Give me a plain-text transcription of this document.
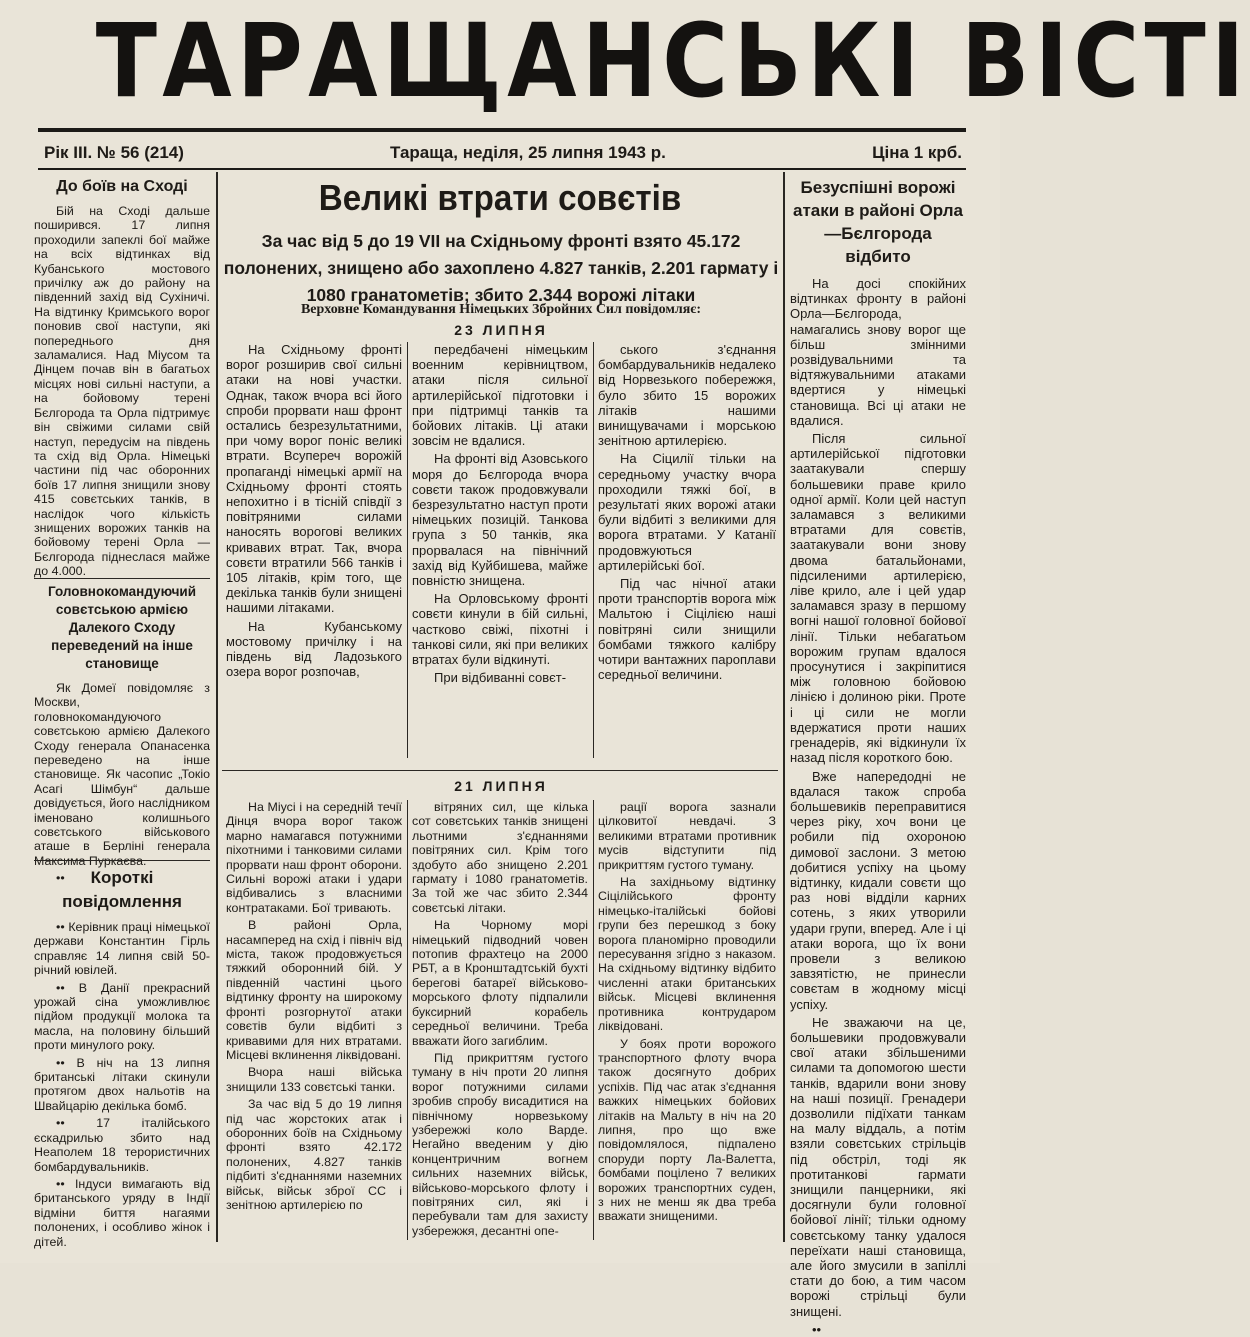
ТАРАЩАНСЬКІ ВІСТІ
Рік III. № 56 (214)	Тараща, неділя, 25 липня 1943 р.	Ціна 1 крб.
До боїв на Сході

Бій на Сході дальше поширився. 17 липня проходили запеклі бої майже на всіх відтинках від Кубанського мостового причілку аж до району на південний захід від Сухіничі. На відтинку Кримського ворог поновив свої наступи, які попереднього дня заламалися. Над Міусом та Дінцем почав він в багатьох місцях нові сильні наступи, а на бойовому терені Бєлгорода та Орла підтримує він свіжими силами свій наступ, передусім на південь та схід від Орла. Німецькі частини під час оборонних боїв 17 липня знищили знову 415 совєтських танків, в наслідок чого кількість знищених ворожих танків на бойовому терені Орла — Бєлгорода піднеслася майже до 4.000.

Головнокомандуючий совєтською армією Далекого Сходу переведений на інше становище

Як Домеї повідомляє з Москви, головнокомандуючого совєтською армією Далекого Сходу генерала Опанасенка переведено на інше становище. Як часопис „Токіо Асагі Шімбун“ дальше довідується, його наслідником іменовано колишнього совєтського військового аташе в Берліні генерала

••	Короткі повідомлення

•• Керівник праці німецької держави Константин Гірль справляє 14 липня свій 50-річний ювілей.

•• В Данії прекрасний урожай сіна уможливлює підйом продукції молока та масла, на половину більший проти минулого року.

•• В ніч на 13 липня британські літаки скинули протягом двох нальотів на Швайцарію декілька бомб.

•• 17 італійського єскадрилью збито над Неаполем 18 терористичних бомбардувальників.

•• Індуси вимагають від британського уряду в Індії відміни биття нагаями полонених, і особливо жінок і дітей.

Великі втрати совєтів
За час від 5 до 19 VII на Східньому фронті взято 45.172 полонених, знищено або захоплено 4.827 танків, 2.201 гармату і 1080 гранатометів; збито 2.344 ворожі літаки
Верховне Командування Німецьких Збройних Сил повідомляє:
23 ЛИПНЯ

На Східньому фронті ворог розширив свої сильні атаки на нові участки. Однак, також вчора всі його спроби прорвати наш фронт остались безрезультатними, при чому ворог поніс великі втрати. Всупереч ворожій пропаганді німецькі армії на Східньому фронті стоять непохитно і в тісній співдії з повітряними силами наносять ворогові великих кривавих втрат. Так, вчора совєти втратили 566 танків і 105 літаків, крім того, ще декілька танків були знищені нашими літаками.

На Кубанському мостовому причілку і на південь від Ладозького озера ворог розпочав,

передбачені німецьким военним керівництвом, атаки після сильної артилерійської підготовки і при підтримці танків та бойових літаків. Ці атаки зовсім не вдалися.

На фронті від Азовського моря до Бєлгорода вчора совєти також продовжували безрезультатно наступ проти німецьких позицій. Танкова група з 50 танків, яка прорвалася на північний захід від Куйбишева, майже повністю знищена.

На Орловському фронті совєти кинули в бій сильні, частково свіжі, піхотні і танкові сили, які при великих втратах були відкинуті.

При відбиванні совєт-

ського з'єднання бомбардувальників недалеко від Норвезького побережжя, було збито 15 ворожих літаків нашими винищувачами і морською зенітною артилерією.

На Сіцилії тільки на середньому участку вчора проходили тяжкі бої, в результаті яких ворожі атаки були відбиті з великими для ворога втратами. У Катанії продовжуються артилерійські бої.

Під час нічної атаки проти транспортів ворога між Мальтою і Сіцілією наші повітряні сили знищили бомбами тяжкого калібру чотири вантажних пароплави середньої величини.

21 ЛИПНЯ

На Міусі і на середній течії Дінця вчора ворог також марно намагався потужними піхотними і танковими силами прорвати наш фронт оборони. Сильні ворожі атаки і удари відбивались з власними контратаками. Бої тривають.

В районі Орла, насамперед на схід і північ від міста, також продовжується тяжкий оборонний бій. У південній частині цього відтинку фронту на широкому фронті розгорнутої атаки совєтів були відбиті з кривавими для них втратами. Місцеві вклинення ліквідовані.

Вчора наші війська знищили 133 совєтські танки.

За час від 5 до 19 липня під час жорстоких атак і оборонних боїв на Східньому фронті взято 42.172 полонених, 4.827 танків підбиті з'єднаннями наземних військ, військ зброї СС і зенітною артилерією по

вітряних сил, ще кілька сот совєтських танків знищені льотними з'єднаннями повітряних сил. Крім того здобуто або знищено 2.201 гармату і 1080 гранатометів. За той же час збито 2.344 совєтські літаки.

На Чорному морі німецький підводний човен потопив фрахтецо на 2000 РБТ, а в Кронштадтській бухті берегові батареї військово-морського флоту підпалили буксирний корабель середньої величини. Треба вважати його загиблим.

Під прикриттям густого туману в ніч проти 20 липня ворог потужними силами зробив спробу висадитися на північному норвезькому узбережжі коло Варде. Негайно введеним у дію концентричним вогнем сильних наземних військ, військово-морського флоту і повітряних сил, які і перебували там для захисту узбережжя, десантні опе-

рації ворога зазнали цілковитої невдачі. З великими втратами противник мусів відступити під прикриттям густого туману.

На західньому відтинку Сіцілійського фронту німецько-італійські бойові групи без перешкод з боку ворога планомірно проводили пересування згідно з наказом. На східньому відтинку відбито численні атаки британських військ. Місцеві вклинення противника контрударом ліквідовані.

У боях проти ворожого транспортного флоту вчора також досягнуто добрих успіхів. Під час атак з'єднання важких німецьких бойових літаків на Мальту в ніч на 20 липня, про що вже повідомлялося, підпалено споруди порту Ла-Валетта, бомбами поцілено 7 великих ворожих транспортних суден, з них не менш як два треба вважати знищеними.

Безуспішні ворожі атаки в районі Орла —Бєлгорода відбито

На досі спокійних відтинках фронту в районі Орла—Бєлгорода, намагались знову ворог ще більш змінними розвідувальними та відтяжувальними атаками вдертися у німецькі становища. Всі ці атаки не вдалися.

Після сильної артилерійської підготовки заатакували спершу большевики праве крило одної армії. Коли цей наступ заламався з великими втратами для совєтів, заатакували вони знову двома батальйонами, підсиленими артилерією, ліве крило, але і цей удар заламався зразу в першому вогні нашої головної бойової лінії. Тільки небагатьом ворожим групам вдалося просунутися і закріпитися між головною бойовою лінією і долиною ріки. Проте і ці сили не могли вдержатися проти наших гренадерів, які відкинули їх назад після короткого бою.

Вже напередодні не вдалася також спроба большевиків переправитися через ріку, хоч вони це робили під охороною димової заслони. З метою добитися успіху на цьому відтинку, кидали совєти що раз нові відділи карних сотень, з яких утворили удари групи, вперед. Але і ці атаки ворога, що їх вони провели з великою завзятістю, не принесли совєтам в жодному місці успіху.

Не зважаючи на це, большевики продовжували свої атаки збільшеними силами та допомогою шести танків, вдарили вони знову на наші позиції. Гренадери дозволили підїхати танкам на малу віддаль, а потім взяли совєтських стрільців під обстріл, тоді як протитанкові гармати знищили панцерники, які досягнули були головної бойової лінії; тільки одному совєтському танку удалося переїхати наші становища, але його змусили в запіллі стати до бою, а тим часом ворожі стрільці були знищені.

••
